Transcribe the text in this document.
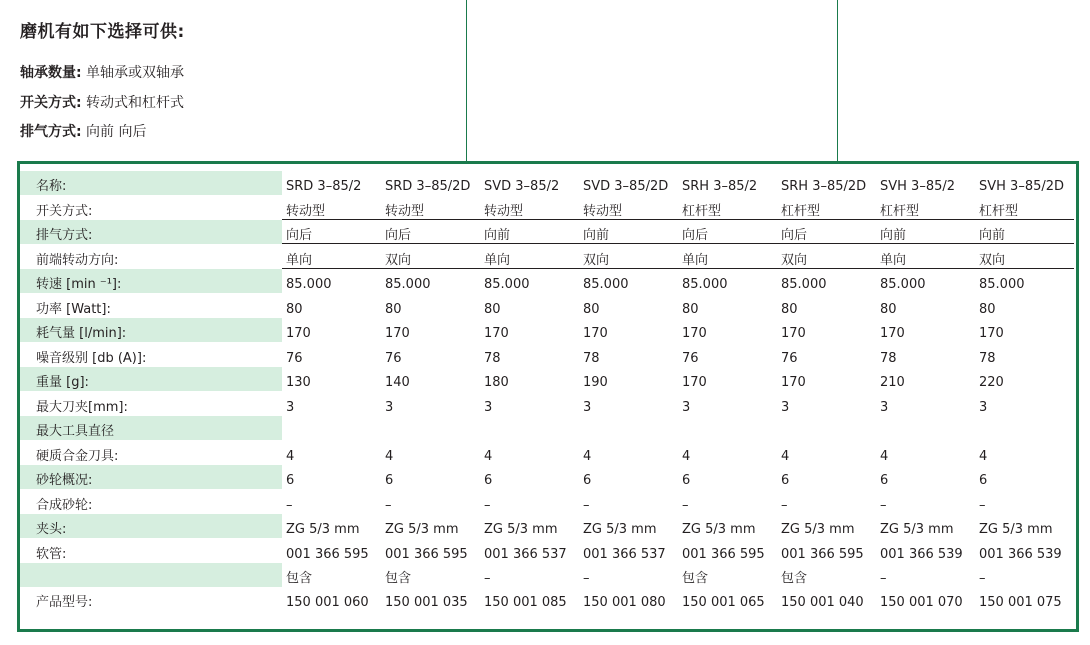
磨机有如下选择可供:
轴承数量: 单轴承或双轴承
开关方式: 转动式和杠杆式
排气方式: 向前 向后
名称:	SRD 3–85/2	SRD 3–85/2D	SVD 3–85/2	SVD 3–85/2D	SRH 3–85/2	SRH 3–85/2D	SVH 3–85/2	SVH 3–85/2D	
开关方式:	转动型	转动型	转动型	转动型	杠杆型	杠杆型	杠杆型	杠杆型	
排气方式:	向后	向后	向前	向前	向后	向后	向前	向前	
前端转动方向:	单向	双向	单向	双向	单向	双向	单向	双向	
转速 [min ⁻¹]:	85.000	85.000	85.000	85.000	85.000	85.000	85.000	85.000	
功率 [Watt]:	80	80	80	80	80	80	80	80	
耗气量 [l/min]:	170	170	170	170	170	170	170	170	
噪音级别 [db (A)]:	76	76	78	78	76	76	78	78	
重量 [g]:	130	140	180	190	170	170	210	220	
最大刀夹[mm]:	3	3	3	3	3	3	3	3	
最大工具直径									
硬质合金刀具:	4	4	4	4	4	4	4	4	
砂轮概况:	6	6	6	6	6	6	6	6	
合成砂轮:	–	–	–	–	–	–	–	–	
夹头:	ZG 5/3 mm	ZG 5/3 mm	ZG 5/3 mm	ZG 5/3 mm	ZG 5/3 mm	ZG 5/3 mm	ZG 5/3 mm	ZG 5/3 mm	
软管:	001 366 595	001 366 595	001 366 537	001 366 537	001 366 595	001 366 595	001 366 539	001 366 539	
	包含	包含	–	–	包含	包含	–	–	
产品型号:	150 001 060	150 001 035	150 001 085	150 001 080	150 001 065	150 001 040	150 001 070	150 001 075	
